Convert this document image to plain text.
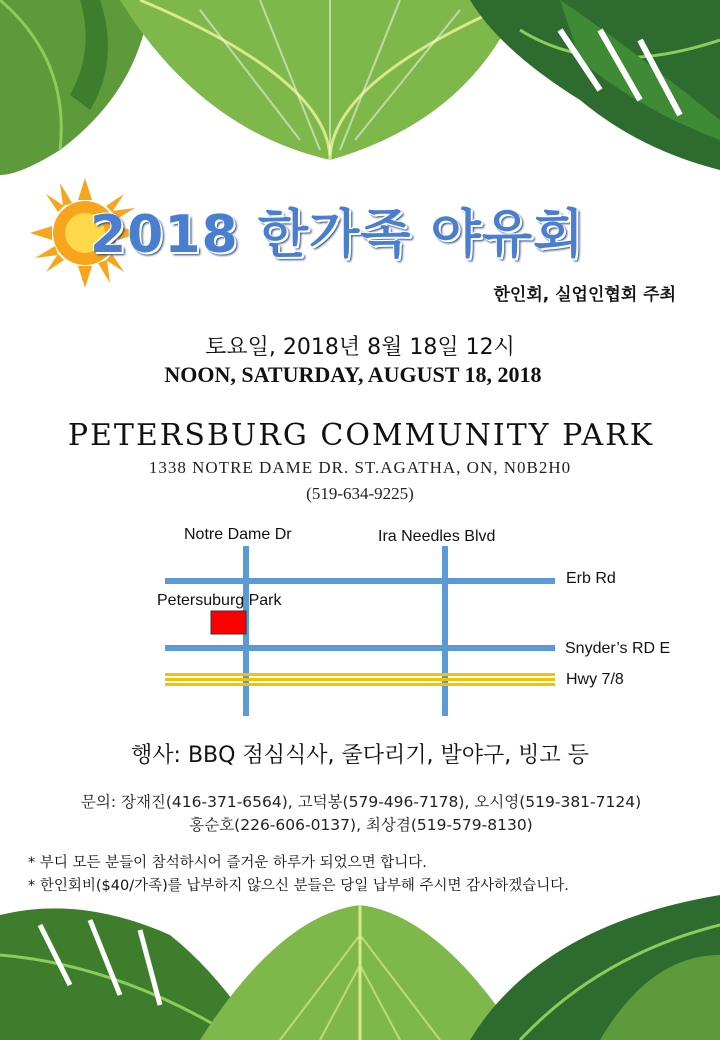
2018 한가족 야유회
한인회, 실업인협회 주최
토요일, 2018년 8월 18일 12시
NOON, SATURDAY, AUGUST 18, 2018
PETERSBURG COMMUNITY PARK
1338 NOTRE DAME DR. ST.AGATHA, ON, N0B2H0
(519-634-9225)
Notre Dame Dr	Ira Needles Blvd
Erb Rd
Petersuburg Park
Snyder’s RD E
Hwy 7/8
행사: BBQ 점심식사, 줄다리기, 발야구, 빙고 등
문의: 장재진(416-371-6564), 고덕봉(579-496-7178), 오시영(519-381-7124)
홍순호(226-606-0137), 최상겸(519-579-8130)
* 부디 모든 분들이 참석하시어 즐거운 하루가 되었으면 합니다.
* 한인회비($40/가족)를 납부하지 않으신 분들은 당일 납부해 주시면 감사하겠습니다.
